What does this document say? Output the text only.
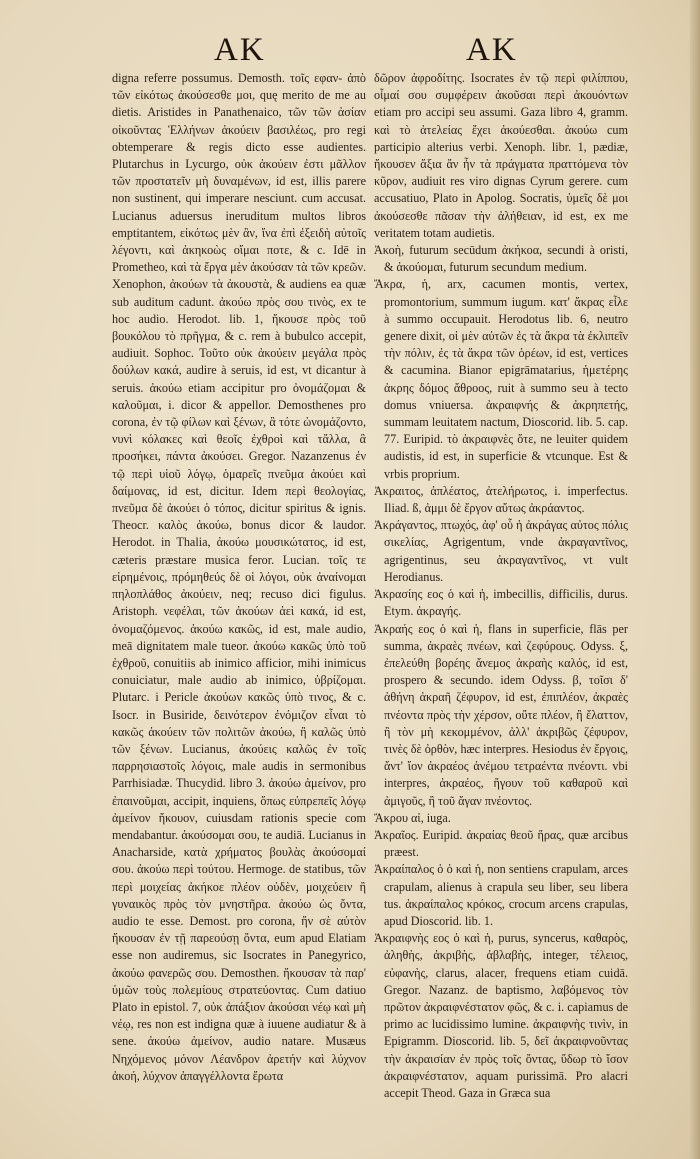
AK	AK

digna referre possumus. Demosth. τοῖς εφαν- ἀπὸ τῶν εἰκότως ἀκούσεσθε μοι, quę merito de me au dietis. Aristides in Panathenaico, τῶν τῶν ἀσίαν οἰκοῦντας Ἑλλήνων ἀκούειν βασιλέως, pro regi obtemperare & regis dicto esse audientes. Plutarchus in Lycurgo, οὐκ ἀκούειν ἐστι μᾶλλον τῶν προστατεῖν μὴ δυναμένων, id est, illis parere non sustinent, qui imperare nesciunt. cum accusat. Lucianus aduersus ineruditum multos libros emptitantem, εἰκότως μὲν ἂν, ἵνα ἐπὶ ἐξειδὴ αὐτοῖς λέγοντι, καὶ ἀκηκοὼς οἴμαι ποτε, & c. Idē in Prometheo, καὶ τὰ ἔργα μὲν ἀκούσαν τὰ τῶν κρεῶν. Xenophon, ἀκούων τὰ ἀκουστὰ, & audiens ea quæ sub auditum cadunt. ἀκούω πρὸς σου τινὸς, ex te hoc audio. Herodot. lib. 1, ἤκουσε πρὸς τοῦ βουκόλου τὸ πρῆγμα, & c. rem à bubulco accepit, audiuit. Sophoc. Τοῦτο οὐκ ἀκούειν μεγάλα πρὸς δούλων κακά, audire à seruis, id est, vt dicantur à seruis. ἀκούω etiam accipitur pro ὀνομάζομαι & καλοῦμαι, i. dicor & appellor. Demosthenes pro corona, ἐν τῷ φίλων καὶ ξένων, ἃ τότε ὠνομάζοντο, νυνὶ κόλακες καὶ θεοῖς ἐχθροὶ καὶ τἄλλα, ἃ προσήκει, πάντα ἀκούσει. Gregor. Nazanzenus ἐν τῷ περὶ υἱοῦ λόγῳ, ὁμαρεῖς πνεῦμα ἀκούει καὶ δαίμονας, id est, dicitur. Idem περὶ θεολογίας, πνεῦμα δὲ ἀκούει ὁ τόπος, dicitur spiritus & ignis. Theocr. καλὸς ἀκούω, bonus dicor & laudor. Herodot. in Thalia, ἀκούω μουσικώτατος, id est, cæteris præstare musica feror. Lucian. τοῖς τε εἰρημένοις, πρόμηθεύς δὲ οἱ λόγοι, οὐκ ἀναίνομαι πηλοπλάθος ἀκούειν, neq; recuso dici figulus. Aristoph. νεφέλαι, τῶν ἀκούων ἀεὶ κακά, id est, ὀνομαζόμενος. ἀκούω κακῶς, id est, male audio, meā dignitatem male tueor. ἀκούω κακῶς ὑπὸ τοῦ ἐχθροῦ, conuitiis ab inimico afficior, mihi inimicus conuiciatur, male audio ab inimico, ὑβρίζομαι. Plutarc. i Pericle ἀκούων κακῶς ὑπὸ τινος, & c. Isocr. in Busiride, δεινότερον ἐνόμιζον εἶναι τὸ κακῶς ἀκούειν τῶν πολιτῶν ἀκούω, ἢ καλῶς ὑπὸ τῶν ξένων. Lucianus, ἀκούεις καλῶς ἐν τοῖς παρρησιαστοῖς λόγοις, male audis in sermonibus Parrhisiadæ. Thucydid. libro 3. ἀκούω ἀμείνον, pro ἐπαινοῦμαι, accipit, inquiens, ὅπως εὐπρεπεῖς λόγῳ ἀμείνον ἤκουον, cuiusdam rationis specie com mendabantur. ἀκούσομαι σου, te audiā. Lucianus in Anacharside, κατὰ χρήματος βουλὰς ἀκούσομαί σου. ἀκούω περὶ τούτου. Hermoge. de statibus, τῶν περὶ μοιχείας ἀκήκοε πλέον οὐδὲν, μοιχεύειν ἢ γυναικὸς πρὸς τὸν μνηστῆρα. ἀκούω ὡς ὄντα, audio te esse. Demost. pro corona, ἤν σὲ αὐτὸν ἤκουσαν ἐν τῇ παρεούσῃ ὄντα, eum apud Elatiam esse non audiremus, sic Isocrates in Panegyrico, ἀκούω φανερῶς σου. Demosthen. ἤκουσαν τὰ παρ' ὑμῶν τοὺς πολεμίους στρατεύοντας. Cum datiuo Plato in epistol. 7, οὐκ ἀπάξιον ἀκούσαι νέῳ καὶ μὴ νέῳ, res non est indigna quæ à iuuene audiatur & à sene. ἀκούω ἀμείνον, audio natare. Musæus Νηχόμενος μόνον Λέανδρον ἀρετήν καὶ λύχνον ἀκοή, λύχνον ἀπαγγέλλοντα ἔρωτα

δῶρον ἀφροδίτης. Isocrates ἐν τῷ περὶ φιλίππου, οἶμαί σου συμφέρειν ἀκοῦσαι περὶ ἀκουόντων etiam pro accipi seu assumi. Gaza libro 4, gramm. καὶ τὸ ἀτελείας ἔχει ἀκούεσθαι. ἀκούω cum participio alterius verbi. Xenoph. libr. 1, pædiæ, ἤκουσεν ἄξια ἄν ἦν τὰ πράγματα πραττόμενα τὸν κῦρον, audiuit res viro dignas Cyrum gerere. cum accusatiuo, Plato in Apolog. Socratis, ὑμεῖς δὲ μοι ἀκούσεσθε πᾶσαν τὴν ἀλήθειαν, id est, ex me veritatem totam audietis.

Ἀκοὴ, futurum secūdum ἀκήκοα, secundi à oristi, & ἀκούομαι, futurum secundum medium.

Ἄκρα, ἡ, arx, cacumen montis, vertex, promontorium, summum iugum. κατ' ἄκρας εἶλε à summo occupauit. Herodotus lib. 6, neutro genere dixit, οἱ μὲν αὐτῶν ἐς τὰ ἄκρα τὰ ἐκλιπεῖν τὴν πόλιν, ἐς τὰ ἄκρα τῶν ὀρέων, id est, vertices & cacumina. Bianor epigrāmatarius, ἡμετέρης ἀκρης δόμος ἄθροος, ruit à summo seu à tecto domus vniuersa. ἀκραιφνής & ἀκρηπετής, summam leuitatem nactum, Dioscorid. lib. 5. cap. 77. Euripid. τὸ ἀκραιφνὲς ὅτε, ne leuiter quidem audistis, id est, in superficie & vtcunque. Est & vrbis proprium.

Ἀκραιτος, ἀπλέατος, ἀτελήρωτος, i. imperfectus. Iliad. ß, ἀμμι δὲ ἔργον αὔτως ἀκράαντος.

Ἀκράγαντος, πτωχός, ἀφ' οὗ ἡ ἀκράγας αὐτος πόλις σικελίας, Agrigentum, vnde ἀκραγαντῖνος, agrigentinus, seu ἀκραγαντῖνος, vt vult Herodianus.

Ἀκρασίης εος ὁ καὶ ἡ, imbecillis, difficilis, durus. Etym. ἀκραγής.

Ἀκραής εος ὁ καὶ ἡ, flans in superficie, flās per summa, ἀκραὲς πνέων, καὶ ζεφύρους. Odyss. ξ, ἐπελεύθη βορέης ἄνεμος ἀκραὴς καλός, id est, prospero & secundo. idem Odyss. β, τοῖσι δ' ἀθήνη ἀκραῆ ζέφυρον, id est, ἐπιπλέον, ἀκραὲς πνέοντα πρὸς τὴν χέρσον, οὔτε πλέον, ἢ ἔλαττον, ἢ τὸν μὴ κεκομμένον, ἀλλ' ἀκριβῶς ζέφυρον, τινὲς δὲ ὀρθὸν, hæc interpres. Hesiodus ἐν ἔργοις, ἄντ' ἴον ἀκραέος ἀνέμου τετραέντα πνέοντι. vbi interpres, ἀκραέος, ἤγουν τοῦ καθαροῦ καὶ ἀμιγοῦς, ἢ τοῦ ἄγαν πνέοντος.

Ἄκρου αἰ, iuga.

Ἀκραῖος. Euripid. ἀκραίας θεοῦ ἥρας, quæ arcibus præest.

Ἀκραίπαλος ὁ ὁ καὶ ἡ, non sentiens crapulam, arces crapulam, alienus à crapula seu liber, seu libera tus. ἀκραίπαλος κρόκος, crocum arcens crapulas, apud Dioscorid. lib. 1.

Ἀκραιφνὴς εος ὁ καὶ ἡ, purus, syncerus, καθαρὸς, ἀληθὴς, ἀκριβὴς, ἀβλαβὴς, integer, τέλειος, εὐφανὴς, clarus, alacer, frequens etiam cuidā. Gregor. Nazanz. de baptismo, λαβόμενος τὸν πρῶτον ἀκραιφνέστατον φῶς, & c. i. capiamus de primo ac lucidissimo lumine. ἀκραιφνὴς τινὶν, in Epigramm. Dioscorid. lib. 5, δεῖ ἀκραιφνοῦντας τὴν ἀκραισίαν ἐν πρὸς τοῖς ὄντας, ὕδωρ τὸ ἴσον ἀκραιφνέστατον, aquam purissimā. Pro alacri accepit Theod. Gaza in Græca sua
